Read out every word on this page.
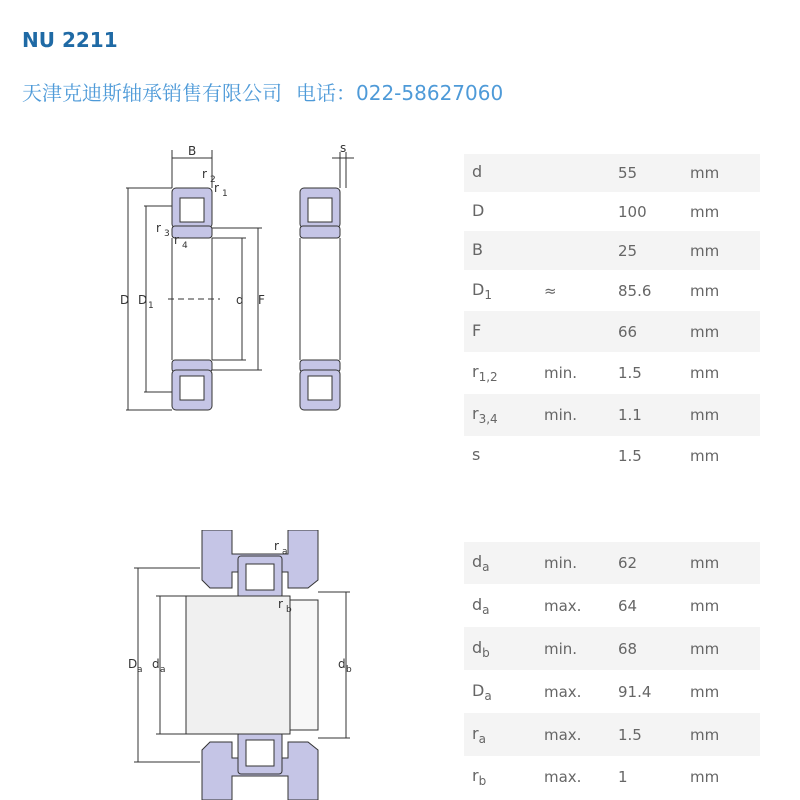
NU 2211
天津克迪斯轴承销售有限公司 电话：022-58627060
B	s
r 2
r 1
r 3 r 4
D D 1	d F
d		55	mm
D		100	mm
B		25	mm
$D_1$	≈	85.6	mm
F		66	mm
$r_{1,2}$	min.	1.5	mm
$r_{3,4}$	min.	1.1	mm
s		1.5	mm
r a
r b
D a d a	d b
$d_a$	min.	62	mm
$d_a$	max.	64	mm
$d_b$	min.	68	mm
$D_a$	max.	91.4	mm
$r_a$	max.	1.5	mm
$r_b$	max.	1	mm
